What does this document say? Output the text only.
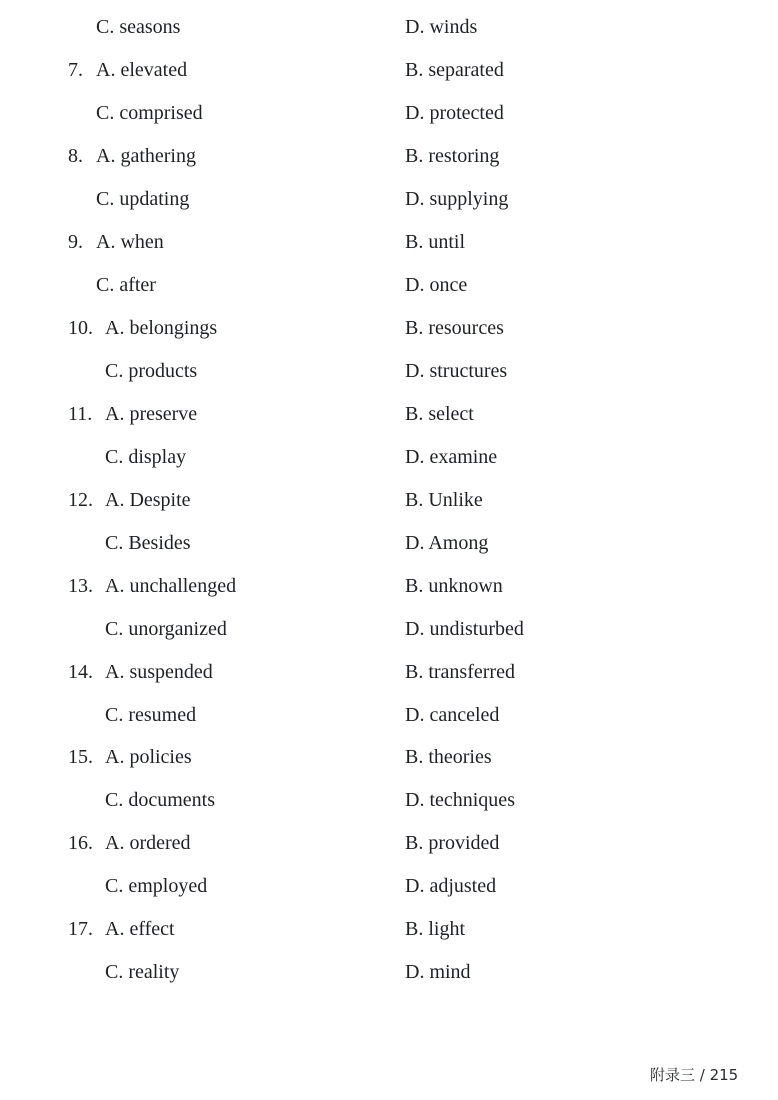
C. seasons	D. winds
7. A. elevated	B. separated
C. comprised	D. protected
8. A. gathering	B. restoring
C. updating	D. supplying
9. A. when	B. until
C. after	D. once
10. A. belongings	B. resources
C. products	D. structures
11. A. preserve	B. select
C. display	D. examine
12. A. Despite	B. Unlike
C. Besides	D. Among
13. A. unchallenged	B. unknown
C. unorganized	D. undisturbed
14. A. suspended	B. transferred
C. resumed	D. canceled
15. A. policies	B. theories
C. documents	D. techniques
16. A. ordered	B. provided
C. employed	D. adjusted
17. A. effect	B. light
C. reality	D. mind
附录三 / 215
